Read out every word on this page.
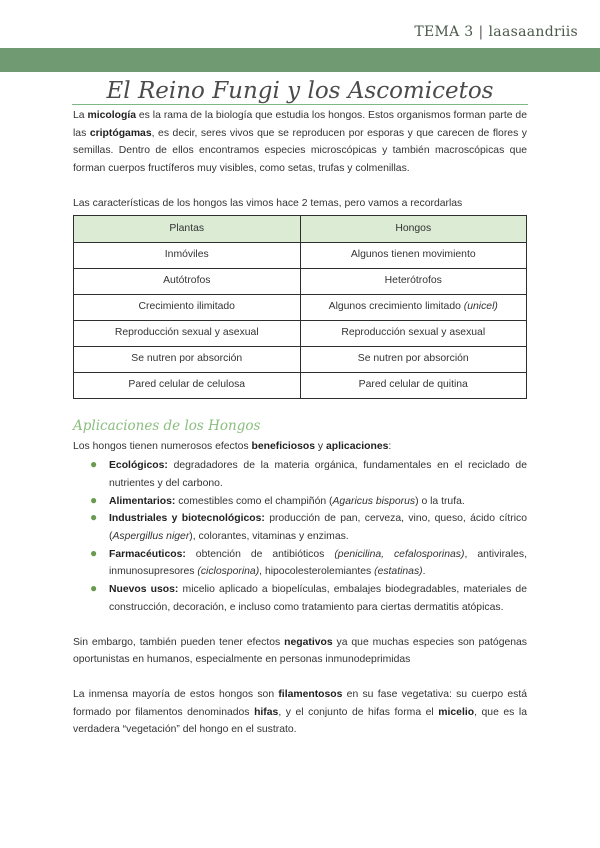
TEMA 3 | laasaandriis
El Reino Fungi y los Ascomicetos

La micología es la rama de la biología que estudia los hongos. Estos organismos forman parte de las criptógamas, es decir, seres vivos que se reproducen por esporas y que carecen de flores y semillas. Dentro de ellos encontramos especies microscópicas y también macroscópicas que forman cuerpos fructíferos muy visibles, como setas, trufas y colmenillas.

Las características de los hongos las vimos hace 2 temas, pero vamos a recordarlas

Plantas	Hongos
Inmóviles	Algunos tienen movimiento
Autótrofos	Heterótrofos
Crecimiento ilimitado	Algunos crecimiento limitado (unicel)
Reproducción sexual y asexual	Reproducción sexual y asexual
Se nutren por absorción	Se nutren por absorción
Pared celular de celulosa	Pared celular de quitina
Aplicaciones de los Hongos

Los hongos tienen numerosos efectos beneficiosos y aplicaciones:

● Ecológicos: degradadores de la materia orgánica, fundamentales en el reciclado de nutrientes y del carbono.
● Alimentarios: comestibles como el champiñón (Agaricus bisporus) o la trufa.
● Industriales y biotecnológicos: producción de pan, cerveza, vino, queso, ácido cítrico (Aspergillus niger), colorantes, vitaminas y enzimas.
● Farmacéuticos: obtención de antibióticos (penicilina, cefalosporinas), antivirales, inmunosupresores (ciclosporina), hipocolesterolemiantes (estatinas).
● Nuevos usos: micelio aplicado a biopelículas, embalajes biodegradables, materiales de construcción, decoración, e incluso como tratamiento para ciertas dermatitis atópicas.

Sin embargo, también pueden tener efectos negativos ya que muchas especies son patógenas oportunistas en humanos, especialmente en personas inmunodeprimidas

La inmensa mayoría de estos hongos son filamentosos en su fase vegetativa: su cuerpo está formado por filamentos denominados hifas, y el conjunto de hifas forma el micelio, que es la verdadera “vegetación” del hongo en el sustrato.
